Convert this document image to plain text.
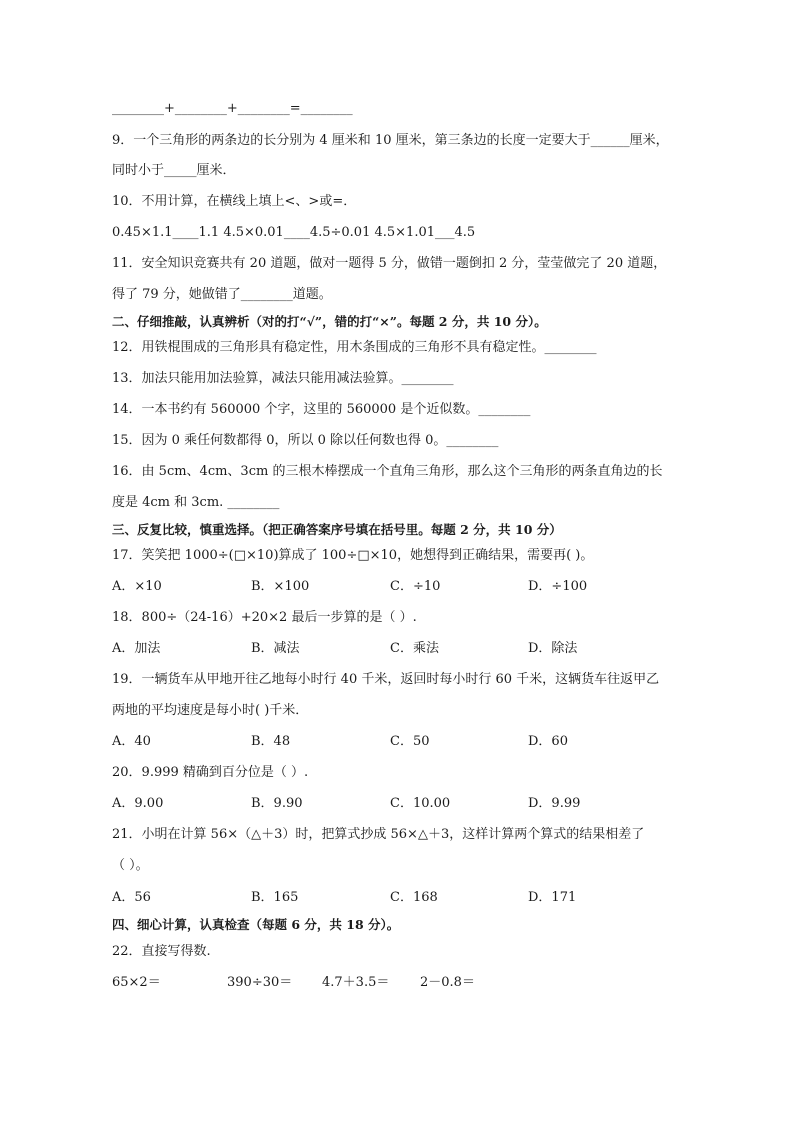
________+________+________=________
9．一个三角形的两条边的长分别为 4 厘米和 10 厘米，第三条边的长度一定要大于______厘米，
同时小于_____厘米．
10．不用计算，在横线上填上<、>或=．
0.45×1.1____1.1 4.5×0.01____4.5÷0.01 4.5×1.01___4.5
11．安全知识竞赛共有 20 道题，做对一题得 5 分，做错一题倒扣 2 分，莹莹做完了 20 道题，
得了 79 分，她做错了________道题。
二、仔细推敲，认真辨析（对的打“√”，错的打“×”。每题 2 分，共 10 分）。
12．用铁棍围成的三角形具有稳定性，用木条围成的三角形不具有稳定性。________
13．加法只能用加法验算，减法只能用减法验算。________
14．一本书约有 560000 个字，这里的 560000 是个近似数。________
15．因为 0 乘任何数都得 0，所以 0 除以任何数也得 0。________
16．由 5cm、4cm、3cm 的三根木棒摆成一个直角三角形，那么这个三角形的两条直角边的长
度是 4cm 和 3cm. ________
三、反复比较，慎重选择。（把正确答案序号填在括号里。每题 2 分，共 10 分）
17．笑笑把 1000÷(□×10)算成了 100÷□×10，她想得到正确结果，需要再( )。
A．×10	B．×100	C．÷10	D．÷100
18．800÷（24-16）+20×2 最后一步算的是（ ）.
A．加法	B．减法	C．乘法	D．除法
19．一辆货车从甲地开往乙地每小时行 40 千米，返回时每小时行 60 千米，这辆货车往返甲乙
两地的平均速度是每小时( )千米．
A．40	B．48	C．50	D．60
20．9.999 精确到百分位是（ ）.
A．9.00	B．9.90	C．10.00	D．9.99
21．小明在计算 56×（△＋3）时，把算式抄成 56×△＋3，这样计算两个算式的结果相差了
（ ）。
A．56	B．165	C．168	D．171
四、细心计算，认真检查（每题 6 分，共 18 分）。
22．直接写得数.
65×2＝	390÷30＝ 4.7＋3.5＝ 2－0.8＝
